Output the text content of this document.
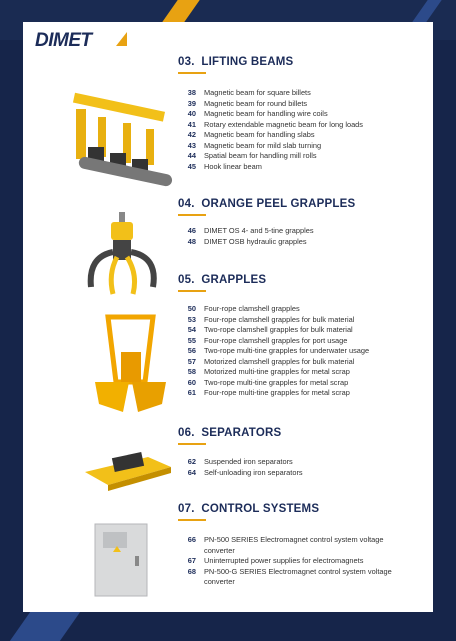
DIMET
03. LIFTING BEAMS
38 Magnetic beam for square billets
39 Magnetic beam for round billets
40 Magnetic beam for handling wire coils
41 Rotary extendable magnetic beam for long loads
42 Magnetic beam for handling slabs
43 Magnetic beam for mild slab turning
44 Spatial beam for handling mill rolls
45 Hook linear beam
04. ORANGE PEEL GRAPPLES
46 DIMET OS 4- and 5-tine grapples
48 DIMET OSB hydraulic grapples
05. GRAPPLES
50 Four-rope clamshell grapples
53 Four-rope clamshell grapples for bulk material
54 Two-rope clamshell grapples for bulk material
55 Four-rope clamshell grapples for port usage
56 Two-rope multi-tine grapples for underwater usage
57 Motorized clamshell grapples for bulk material
58 Motorized multi-tine grapples for metal scrap
60 Two-rope multi-tine grapples for metal scrap
61 Four-rope multi-tine grapples for metal scrap
06. SEPARATORS
62 Suspended iron separators
64 Self-unloading iron separators
07. CONTROL SYSTEMS
66 PN-500 SERIES Electromagnet control system voltage converter
67 Uninterrupted power supplies for electromagnets
68 PN-500-G SERIES Electromagnet control system voltage converter
